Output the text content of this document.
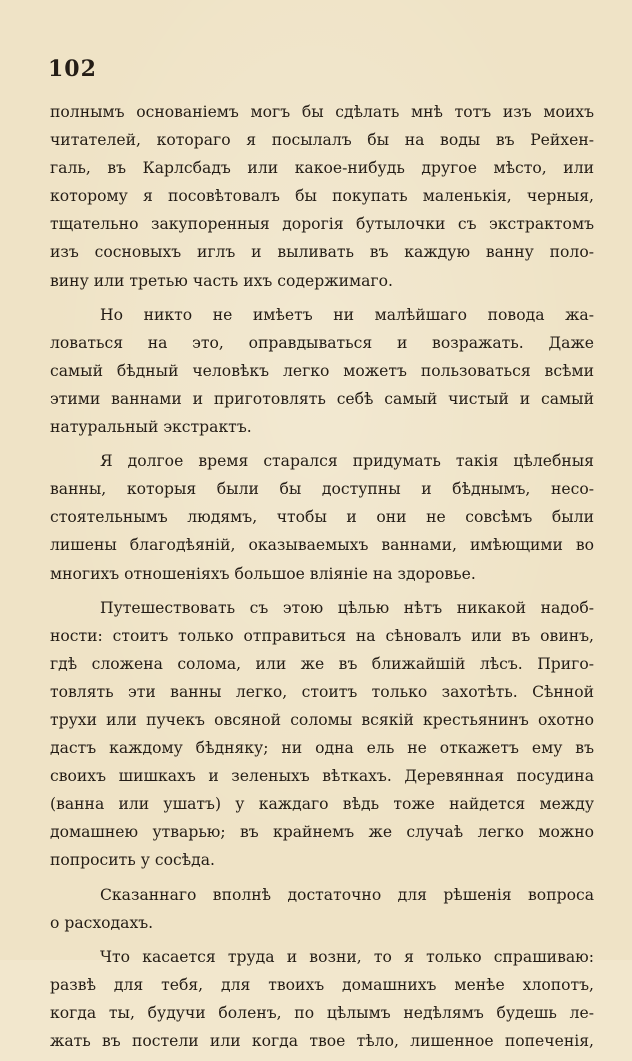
102
полнымъ основаніемъ могъ бы сдѣлать мнѣ тотъ изъ моихъ
читателей, котораго я посылалъ бы на воды въ Рейхен-
галь, въ Карлсбадъ или какое-нибудь другое мѣсто, или
которому я посовѣтовалъ бы покупать маленькія, черныя,
тщательно закупоренныя дорогія бутылочки съ экстрактомъ
изъ сосновыхъ иглъ и выливать въ каждую ванну поло-
вину или третью часть ихъ содержимаго.
Но никто не имѣетъ ни малѣйшаго повода жа-
ловаться на это, оправдываться и возражать. Даже
самый бѣдный человѣкъ легко можетъ пользоваться всѣми
этими ваннами и приготовлять себѣ самый чистый и самый
натуральный экстрактъ.
Я долгое время старался придумать такія цѣлебныя
ванны, которыя были бы доступны и бѣднымъ, несо-
стоятельнымъ людямъ, чтобы и они не совсѣмъ были
лишены благодѣяній, оказываемыхъ ваннами, имѣющими во
многихъ отношеніяхъ большое вліяніе на здоровье.
Путешествовать съ этою цѣлью нѣтъ никакой надоб-
ности: стоитъ только отправиться на сѣновалъ или въ овинъ,
гдѣ сложена солома, или же въ ближайшій лѣсъ. Приго-
товлять эти ванны легко, стоитъ только захотѣть. Сѣнной
трухи или пучекъ овсяной соломы всякій крестьянинъ охотно
дастъ каждому бѣдняку; ни одна ель не откажетъ ему въ
своихъ шишкахъ и зеленыхъ вѣткахъ. Деревянная посудина
(ванна или ушатъ) у каждаго вѣдь тоже найдется между
домашнею утварью; въ крайнемъ же случаѣ легко можно
попросить у сосѣда.
Сказаннаго вполнѣ достаточно для рѣшенія вопроса
о расходахъ.
Что касается труда и возни, то я только спрашиваю:
развѣ для тебя, для твоихъ домашнихъ менѣе хлопотъ,
когда ты, будучи боленъ, по цѣлымъ недѣлямъ будешь ле-
жать въ постели или когда твое тѣло, лишенное попеченія,
